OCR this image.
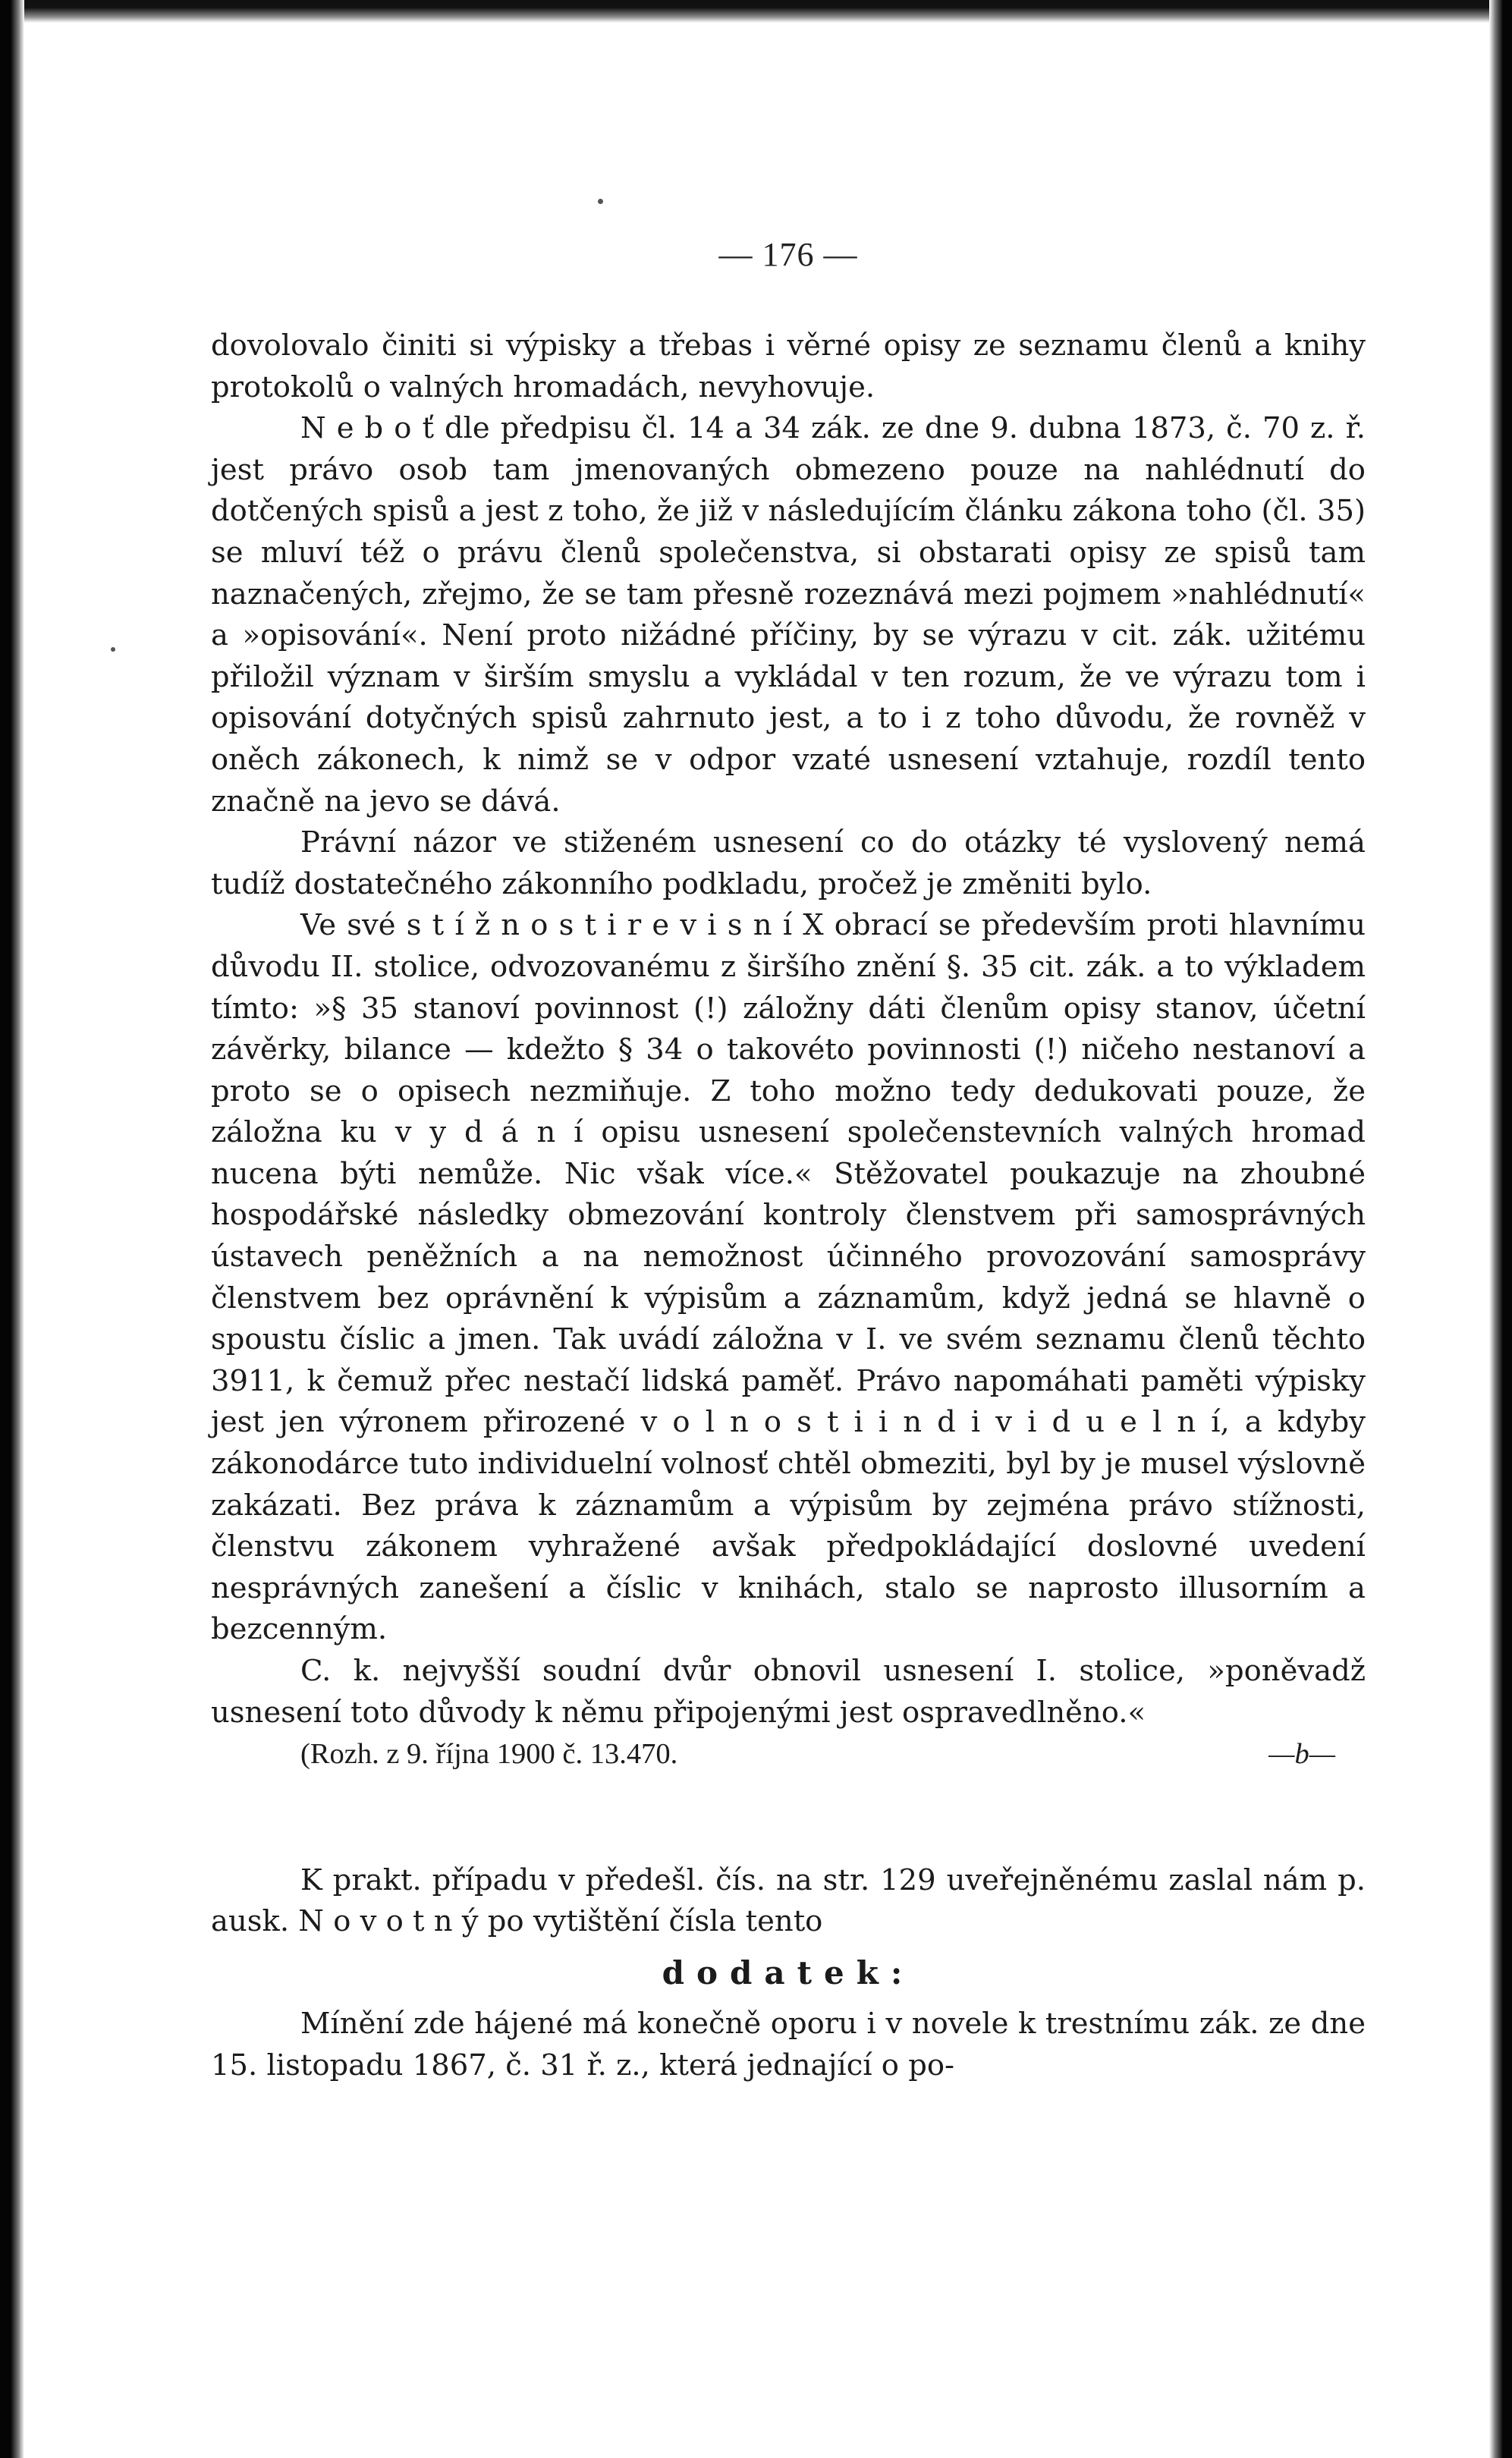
— 176 —

dovolovalo činiti si výpisky a třebas i věrné opisy ze seznamu členů a knihy protokolů o valných hromadách, nevyhovuje.

N e b o ť dle předpisu čl. 14 a 34 zák. ze dne 9. dubna 1873, č. 70 z. ř. jest právo osob tam jmenovaných obmezeno pouze na nahlédnutí do dotčených spisů a jest z toho, že již v následujícím článku zákona toho (čl. 35) se mluví též o právu členů společenstva, si obstarati opisy ze spisů tam naznačených, zřejmo, že se tam přesně rozeznává mezi pojmem »nahlédnutí« a »opisování«. Není proto nižádné příčiny, by se výrazu v cit. zák. užitému přiložil význam v širším smyslu a vykládal v ten rozum, že ve výrazu tom i opisování dotyčných spisů zahrnuto jest, a to i z toho důvodu, že rovněž v oněch zákonech, k nimž se v odpor vzaté usnesení vztahuje, rozdíl tento značně na jevo se dává.

Právní názor ve stiženém usnesení co do otázky té vyslovený nemá tudíž dostatečného zákonního podkladu, pročež je změniti bylo.

Ve své s t í ž n o s t i r e v i s n í X obrací se především proti hlavnímu důvodu II. stolice, odvozovanému z širšího znění §. 35 cit. zák. a to výkladem tímto: »§ 35 stanoví povinnost (!) záložny dáti členům opisy stanov, účetní závěrky, bilance — kdežto § 34 o takovéto povinnosti (!) ničeho nestanoví a proto se o opisech nezmiňuje. Z toho možno tedy dedukovati pouze, že záložna ku v y d á n í opisu usnesení společenstevních valných hromad nucena býti nemůže. Nic však více.« Stěžovatel poukazuje na zhoubné hospodářské následky obmezování kontroly členstvem při samosprávných ústavech peněžních a na nemožnost účinného provozování samosprávy členstvem bez oprávnění k výpisům a záznamům, když jedná se hlavně o spoustu číslic a jmen. Tak uvádí záložna v I. ve svém seznamu členů těchto 3911, k čemuž přec nestačí lidská paměť. Právo napomáhati paměti výpisky jest jen výronem přirozené v o l n o s t i i n d i v i d u e l n í, a kdyby zákonodárce tuto individuelní volnosť chtěl obmeziti, byl by je musel výslovně zakázati. Bez práva k záznamům a výpisům by zejména právo stížnosti, členstvu zákonem vyhražené avšak předpokládající doslovné uvedení nesprávných zanešení a číslic v knihách, stalo se naprosto illusorním a bezcenným.

C. k. nejvyšší soudní dvůr obnovil usnesení I. stolice, »poněvadž usnesení toto důvody k němu připojenými jest ospravedlněno.«

(Rozh. z 9. října 1900 č. 13.470.	—b—

K prakt. případu v předešl. čís. na str. 129 uveřejněnému zaslal nám p. ausk. N o v o t n ý po vytištění čísla tento

dodatek:

Mínění zde hájené má konečně oporu i v novele k trestnímu zák. ze dne 15. listopadu 1867, č. 31 ř. z., která jednající o po-
